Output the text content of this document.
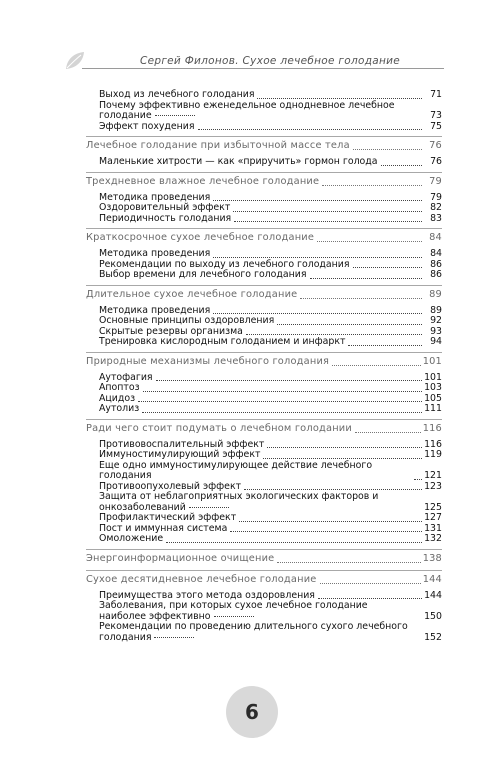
Сергей Филонов. Сухое лечебное голодание
Выход из лечебного голодания	71
Почему эффективно еженедельное однодневное лечебное голодание	73
Эффект похудения	75
Лечебное голодание при избыточной массе тела	76
Маленькие хитрости — как «приручить» гормон голода	76
Трехдневное влажное лечебное голодание	79
Методика проведения	79
Оздоровительный эффект	82
Периодичность голодания	83
Краткосрочное сухое лечебное голодание	84
Методика проведения	84
Рекомендации по выходу из лечебного голодания	86
Выбор времени для лечебного голодания	86
Длительное сухое лечебное голодание	89
Методика проведения	89
Основные принципы оздоровления	92
Скрытые резервы организма	93
Тренировка кислородным голоданием и инфаркт	94
Природные механизмы лечебного голодания	101
Аутофагия	101
Апоптоз	103
Ацидоз	105
Аутолиз	111
Ради чего стоит подумать о лечебном голодании	116
Противовоспалительный эффект	116
Иммуностимулирующий эффект	119
Еще одно иммуностимулирующее действие лечебного голодания	121
Противоопухолевый эффект	123
Защита от неблагоприятных экологических факторов и онкозаболеваний	125
Профилактический эффект	127
Пост и иммунная система	131
Омоложение	132
Энергоинформационное очищение	138
Сухое десятидневное лечебное голодание	144
Преимущества этого метода оздоровления	144
Заболевания, при которых сухое лечебное голодание наиболее эффективно	150
Рекомендации по проведению длительного сухого лечебного голодания	152
6
